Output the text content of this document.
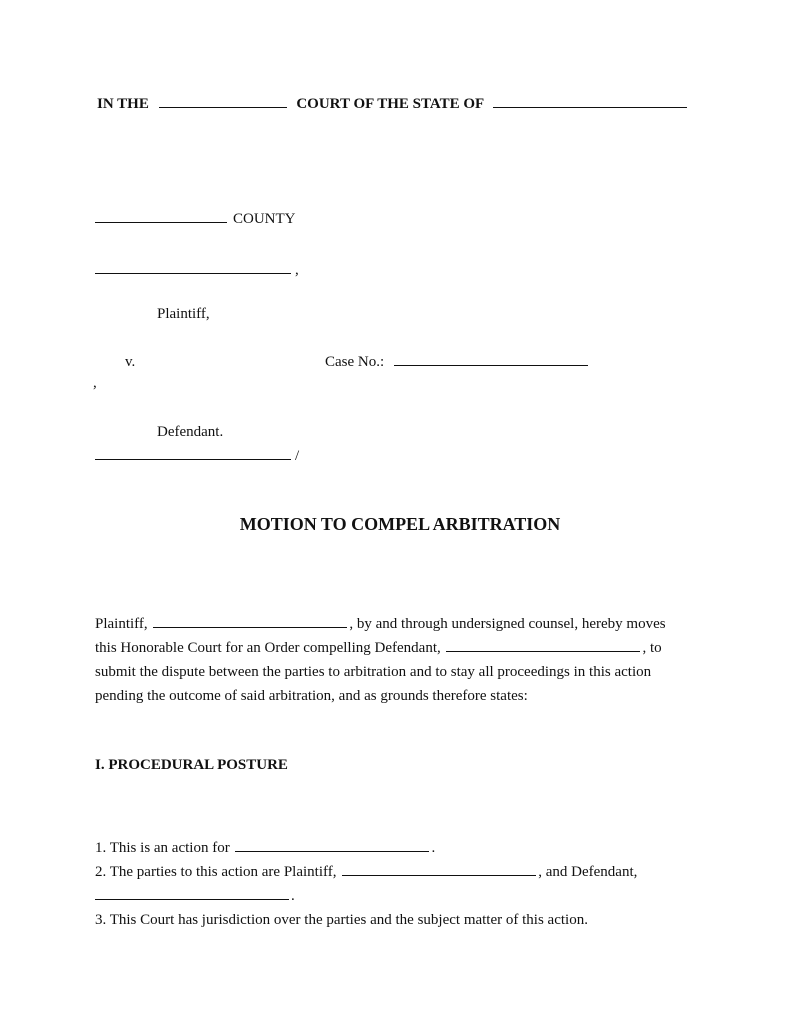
IN THE	COURT OF THE STATE OF
COUNTY
,
Plaintiff,
v.	Case No.:
,
Defendant.
/
MOTION TO COMPEL ARBITRATION
Plaintiff,	, by and through undersigned counsel, hereby moves
this Honorable Court for an Order compelling Defendant,	, to
submit the dispute between the parties to arbitration and to stay all proceedings in this action
pending the outcome of said arbitration, and as grounds therefore states:
I. PROCEDURAL POSTURE
1. This is an action for	.
2. The parties to this action are Plaintiff,	, and Defendant,
.
3. This Court has jurisdiction over the parties and the subject matter of this action.
